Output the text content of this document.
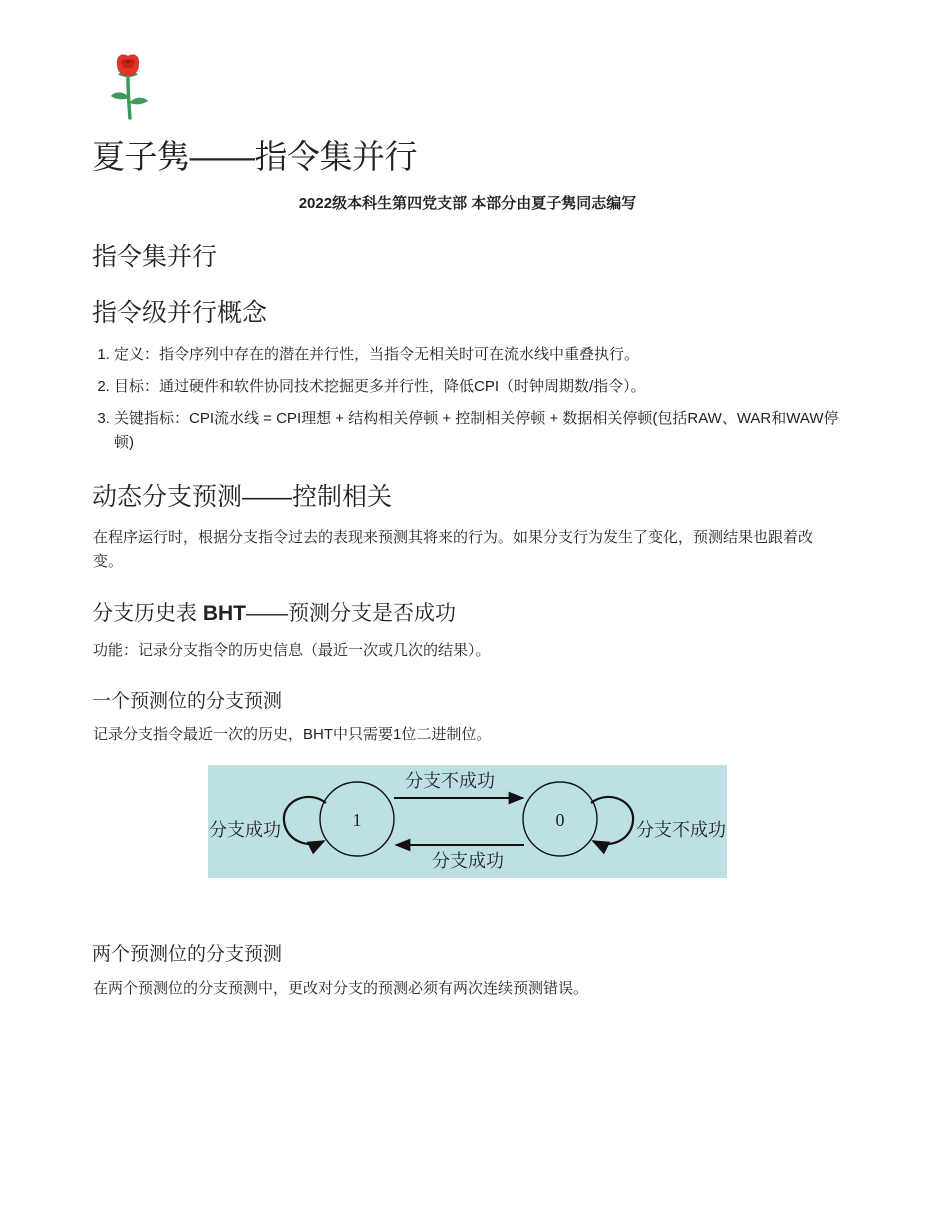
夏子隽——指令集并行
2022级本科生第四党支部 本部分由夏子隽同志编写
指令集并行
指令级并行概念
1. 定义：指令序列中存在的潜在并行性，当指令无相关时可在流水线中重叠执行。
2. 目标：通过硬件和软件协同技术挖掘更多并行性，降低CPI（时钟周期数/指令）。
3. 关键指标：CPI流水线 = CPI理想 + 结构相关停顿 + 控制相关停顿 + 数据相关停顿(包括RAW、WAR和WAW停顿)
动态分支预测——控制相关

在程序运行时，根据分支指令过去的表现来预测其将来的行为。如果分支行为发生了变化，预测结果也跟着改变。

分支历史表 BHT——预测分支是否成功

功能：记录分支指令的历史信息（最近一次或几次的结果）。

一个预测位的分支预测

记录分支指令最近一次的历史，BHT中只需要1位二进制位。

1	0
分支不成功
分支成功
分支成功	分支不成功
两个预测位的分支预测

在两个预测位的分支预测中，更改对分支的预测必须有两次连续预测错误。
